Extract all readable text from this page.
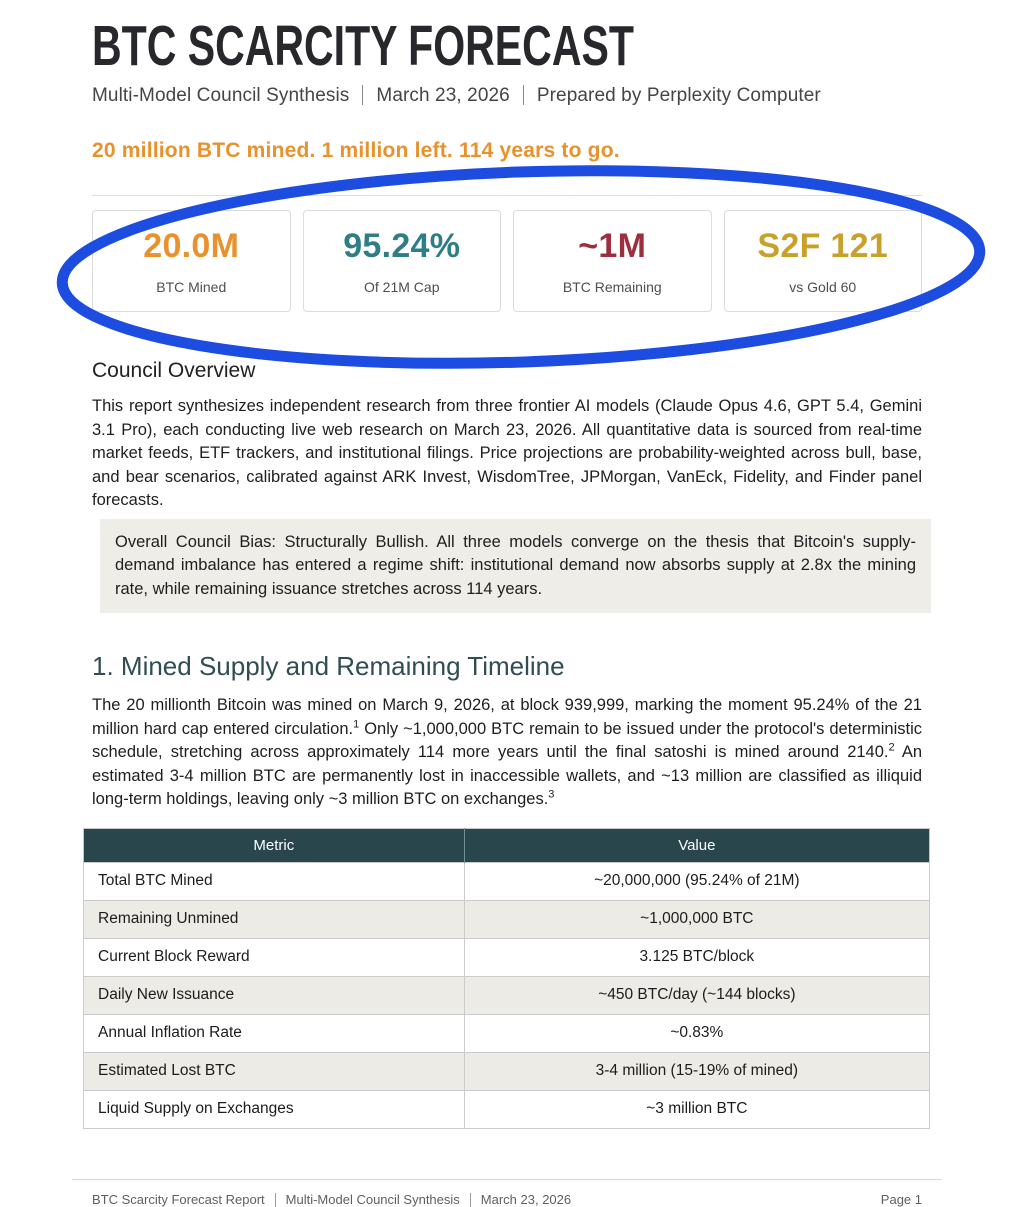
BTC SCARCITY FORECAST
Multi-Model Council Synthesis March 23, 2026 Prepared by Perplexity Computer
20 million BTC mined. 1 million left. 114 years to go.
20.0M
BTC Mined
95.24%
Of 21M Cap
~1M
BTC Remaining
S2F 121
vs Gold 60
Council Overview

This report synthesizes independent research from three frontier AI models (Claude Opus 4.6, GPT 5.4, Gemini 3.1 Pro), each conducting live web research on March 23, 2026. All quantitative data is sourced from real-time market feeds, ETF trackers, and institutional filings. Price projections are probability-weighted across bull, base, and bear scenarios, calibrated against ARK Invest, WisdomTree, JPMorgan, VanEck, Fidelity, and Finder panel forecasts.

Overall Council Bias: Structurally Bullish. All three models converge on the thesis that Bitcoin's supply-demand imbalance has entered a regime shift: institutional demand now absorbs supply at 2.8x the mining rate, while remaining issuance stretches across 114 years.
1. Mined Supply and Remaining Timeline

The 20 millionth Bitcoin was mined on March 9, 2026, at block 939,999, marking the moment 95.24% of the 21 million hard cap entered circulation.$^1$ Only ~1,000,000 BTC remain to be issued under the protocol's deterministic schedule, stretching across approximately 114 more years until the final satoshi is mined around 2140.$^2$ An estimated 3-4 million BTC are permanently lost in inaccessible wallets, and ~13 million are classified as illiquid long-term holdings, leaving only ~3 million BTC on exchanges.$^3$

Metric	Value
Total BTC Mined	~20,000,000 (95.24% of 21M)
Remaining Unmined	~1,000,000 BTC
Current Block Reward	3.125 BTC/block
Daily New Issuance	~450 BTC/day (~144 blocks)
Annual Inflation Rate	~0.83%
Estimated Lost BTC	3-4 million (15-19% of mined)
Liquid Supply on Exchanges	~3 million BTC
BTC Scarcity Forecast Report Multi-Model Council Synthesis March 23, 2026	Page 1
